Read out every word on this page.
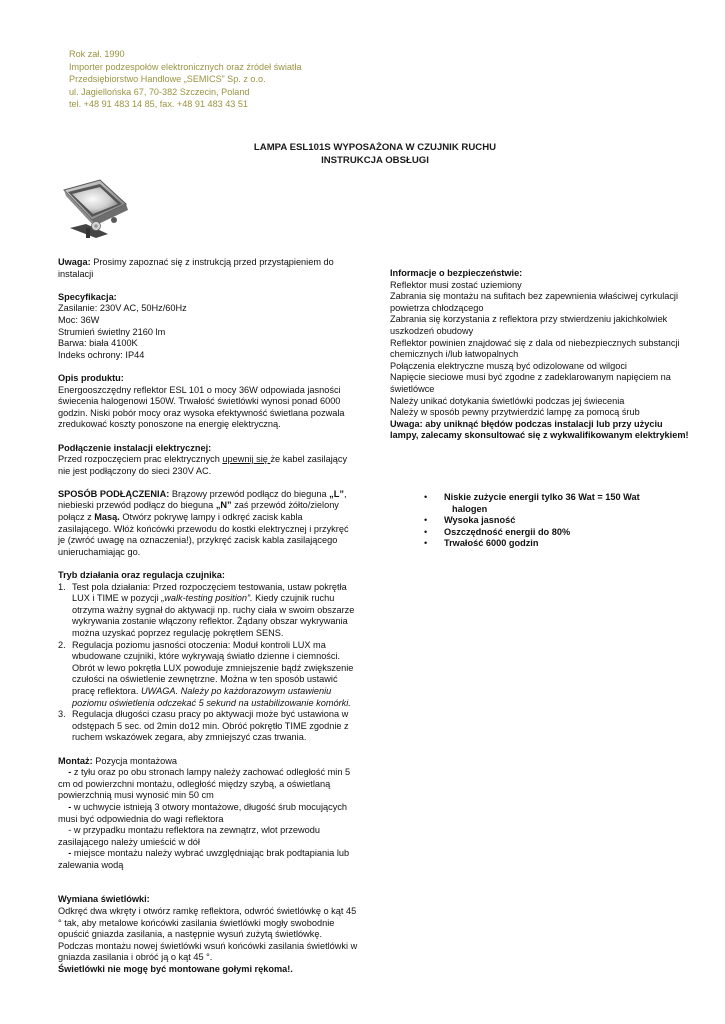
Rok zał. 1990
Importer podzespołów elektronicznych oraz źródeł światła
Przedsiębiorstwo Handlowe „SEMICS” Sp. z o.o.
ul. Jagiellońska 67, 70-382 Szczecin, Poland
tel. +48 91 483 14 85, fax. +48 91 483 43 51
LAMPA ESL101S WYPOSAŻONA W CZUJNIK RUCHU
INSTRUKCJA OBSŁUGI

Uwaga: Prosimy zapoznać się z instrukcją przed przystąpieniem do instalacji

Specyfikacja:

Zasilanie: 230V AC, 50Hz/60Hz

Moc: 36W

Strumień świetlny 2160 lm

Barwa: biała 4100K

Indeks ochrony: IP44

Opis produktu:

Energooszczędny reflektor ESL 101 o mocy 36W odpowiada jasności świecenia halogenowi 150W. Trwałość świetlówki wynosi ponad 6000 godzin. Niski pobór mocy oraz wysoka efektywność świetlana pozwala zredukować koszty ponoszone na energię elektryczną.

Podłączenie instalacji elektrycznej:

Przed rozpoczęciem prac elektrycznych upewnij się że kabel zasilający nie jest podłączony do sieci 230V AC.

SPOSÓB PODŁĄCZENIA: Brązowy przewód podłącz do bieguna „L”, niebieski przewód podłącz do bieguna „N” zaś przewód żółto/zielony połącz z Masą. Otwórz pokrywę lampy i odkręć zacisk kabla zasilającego. Włóż końcówki przewodu do kostki elektrycznej i przykręć je (zwróć uwagę na oznaczenia!), przykręć zacisk kabla zasilającego unieruchamiając go.

Tryb działania oraz regulacja czujnika:

1. Test pola działania: Przed rozpoczęciem testowania, ustaw pokrętła LUX i TIME w pozycji „walk-testing position”. Kiedy czujnik ruchu otrzyma ważny sygnał do aktywacji np. ruchy ciała w swoim obszarze wykrywania zostanie włączony reflektor. Żądany obszar wykrywania można uzyskać poprzez regulację pokrętłem SENS.
2. Regulacja poziomu jasności otoczenia: Moduł kontroli LUX ma wbudowane czujniki, które wykrywają światło dzienne i ciemności. Obrót w lewo pokrętła LUX powoduje zmniejszenie bądź zwiększenie czułości na oświetlenie zewnętrzne. Można w ten sposób ustawić pracę reflektora. UWAGA. Należy po każdorazowym ustawieniu poziomu oświetlenia odczekać 5 sekund na ustabilizowanie komórki.
3. Regulacja długości czasu pracy po aktywacji może być ustawiona w odstępach 5 sec. od 2min do12 min. Obróć pokrętło TIME zgodnie z ruchem wskazówek zegara, aby zmniejszyć czas trwania.

Montaż: Pozycja montażowa

- z tyłu oraz po obu stronach lampy należy zachować odległość min 5 cm od powierzchni montażu, odległość między szybą, a oświetlaną powierzchnią musi wynosić min 50 cm

- w uchwycie istnieją 3 otwory montażowe, długość śrub mocujących musi być odpowiednia do wagi reflektora

- w przypadku montażu reflektora na zewnątrz, wlot przewodu zasilającego należy umieścić w dół

- miejsce montażu należy wybrać uwzględniając brak podtapiania lub zalewania wodą

Wymiana świetlówki:

Odkręć dwa wkręty i otwórz ramkę reflektora, odwróć świetlówkę o kąt 45 ° tak, aby metalowe końcówki zasilania świetlówki mogły swobodnie opuścić gniazda zasilania, a następnie wysuń zużytą świetlówkę. Podczas montażu nowej świetlówki wsuń końcówki zasilania świetlówki w gniazda zasilania i obróć ją o kąt 45 °.

Świetlówki nie mogę być montowane gołymi rękoma!.

Informacje o bezpieczeństwie:

Reflektor musi zostać uziemiony

Zabrania się montażu na sufitach bez zapewnienia właściwej cyrkulacji powietrza chłodzącego

Zabrania się korzystania z reflektora przy stwierdzeniu jakichkolwiek uszkodzeń obudowy

Reflektor powinien znajdować się z dala od niebezpiecznych substancji chemicznych i/lub łatwopalnych

Połączenia elektryczne muszą być odizolowane od wilgoci

Napięcie sieciowe musi być zgodne z zadeklarowanym napięciem na świetlówce

Należy unikać dotykania świetlówki podczas jej świecenia

Należy w sposób pewny przytwierdzić lampę za pomocą śrub

Uwaga: aby uniknąć błędów podczas instalacji lub przy użyciu lampy, zalecamy skonsultować się z wykwalifikowanym elektrykiem!

• Niskie zużycie energii tylko 36 Wat = 150 Wat
halogen
• Wysoka jasność
• Oszczędność energii do 80%
• Trwałość 6000 godzin
